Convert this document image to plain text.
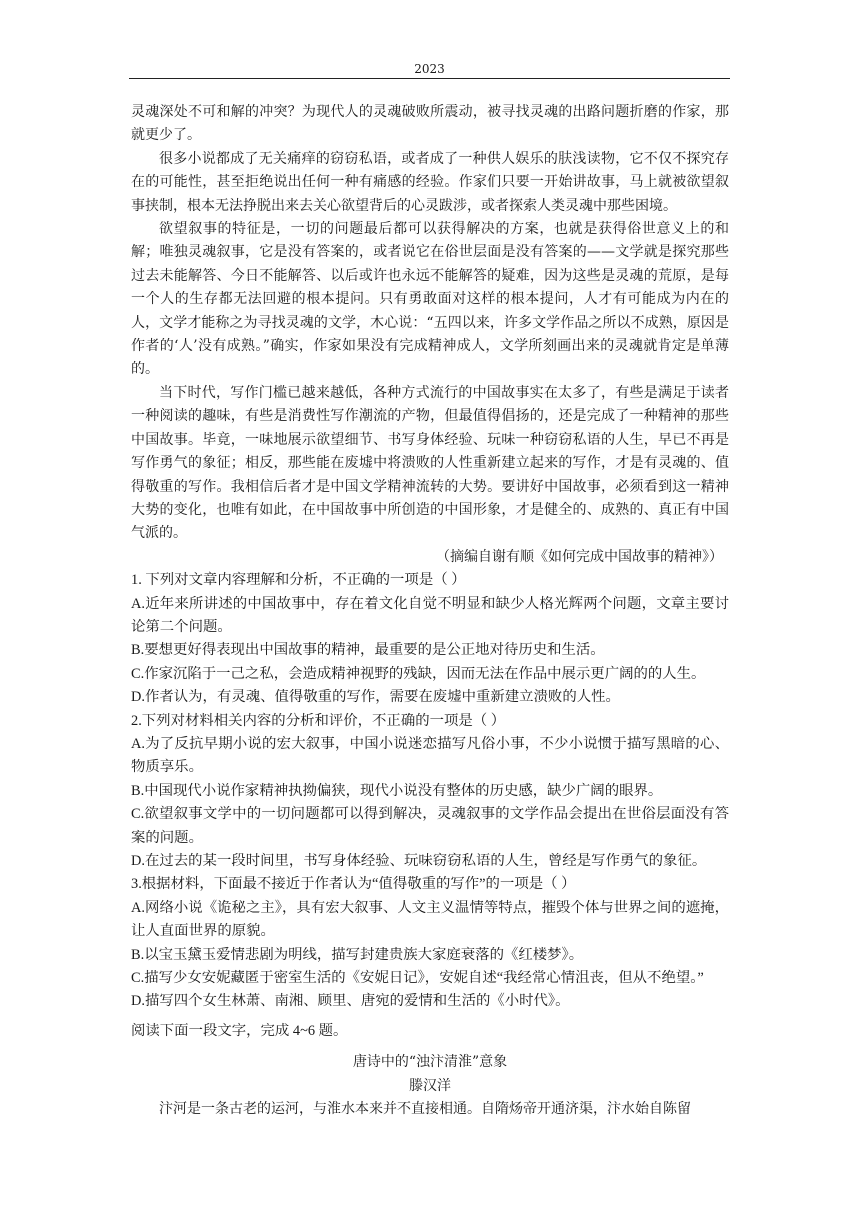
2023

灵魂深处不可和解的冲突？为现代人的灵魂破败所震动，被寻找灵魂的出路问题折磨的作家，那就更少了。

很多小说都成了无关痛痒的窃窃私语，或者成了一种供人娱乐的肤浅读物，它不仅不探究存在的可能性，甚至拒绝说出任何一种有痛感的经验。作家们只要一开始讲故事，马上就被欲望叙事挟制，根本无法挣脱出来去关心欲望背后的心灵跋涉，或者探索人类灵魂中那些困境。

欲望叙事的特征是，一切的问题最后都可以获得解决的方案，也就是获得俗世意义上的和解；唯独灵魂叙事，它是没有答案的，或者说它在俗世层面是没有答案的——文学就是探究那些过去未能解答、今日不能解答、以后或许也永远不能解答的疑难，因为这些是灵魂的荒原，是每一个人的生存都无法回避的根本提问。只有勇敢面对这样的根本提问，人才有可能成为内在的人，文学才能称之为寻找灵魂的文学，木心说：“五四以来，许多文学作品之所以不成熟，原因是作者的‘人’没有成熟。”确实，作家如果没有完成精神成人，文学所刻画出来的灵魂就肯定是单薄的。

当下时代，写作门槛已越来越低，各种方式流行的中国故事实在太多了，有些是满足于读者一种阅读的趣味，有些是消费性写作潮流的产物，但最值得倡扬的，还是完成了一种精神的那些中国故事。毕竟，一味地展示欲望细节、书写身体经验、玩味一种窃窃私语的人生，早已不再是写作勇气的象征；相反，那些能在废墟中将溃败的人性重新建立起来的写作，才是有灵魂的、值得敬重的写作。我相信后者才是中国文学精神流转的大势。要讲好中国故事，必须看到这一精神大势的变化，也唯有如此，在中国故事中所创造的中国形象，才是健全的、成熟的、真正有中国气派的。

（摘编自谢有顺《如何完成中国故事的精神》）

1. 下列对文章内容理解和分析，不正确的一项是（ ）

A.近年来所讲述的中国故事中，存在着文化自觉不明显和缺少人格光辉两个问题，文章主要讨论第二个问题。

B.要想更好得表现出中国故事的精神，最重要的是公正地对待历史和生活。

C.作家沉陷于一己之私，会造成精神视野的残缺，因而无法在作品中展示更广阔的的人生。

D.作者认为，有灵魂、值得敬重的写作，需要在废墟中重新建立溃败的人性。

2.下列对材料相关内容的分析和评价，不正确的一项是（ ）

A.为了反抗早期小说的宏大叙事，中国小说迷恋描写凡俗小事，不少小说惯于描写黑暗的心、物质享乐。

B.中国现代小说作家精神执拗偏狭，现代小说没有整体的历史感，缺少广阔的眼界。

C.欲望叙事文学中的一切问题都可以得到解决，灵魂叙事的文学作品会提出在世俗层面没有答案的问题。

D.在过去的某一段时间里，书写身体经验、玩味窃窃私语的人生，曾经是写作勇气的象征。

3.根据材料，下面最不接近于作者认为“值得敬重的写作”的一项是（ ）

A.网络小说《诡秘之主》，具有宏大叙事、人文主义温情等特点，摧毁个体与世界之间的遮掩，让人直面世界的原貌。

B.以宝玉黛玉爱情悲剧为明线，描写封建贵族大家庭衰落的《红楼梦》。

C.描写少女安妮藏匿于密室生活的《安妮日记》，安妮自述“我经常心情沮丧，但从不绝望。”

D.描写四个女生林萧、南湘、顾里、唐宛的爱情和生活的《小时代》。

阅读下面一段文字，完成 4~6 题。

唐诗中的“浊汴清淮”意象

滕汉洋

汴河是一条古老的运河，与淮水本来并不直接相通。自隋炀帝开通济渠，汴水始自陈留
